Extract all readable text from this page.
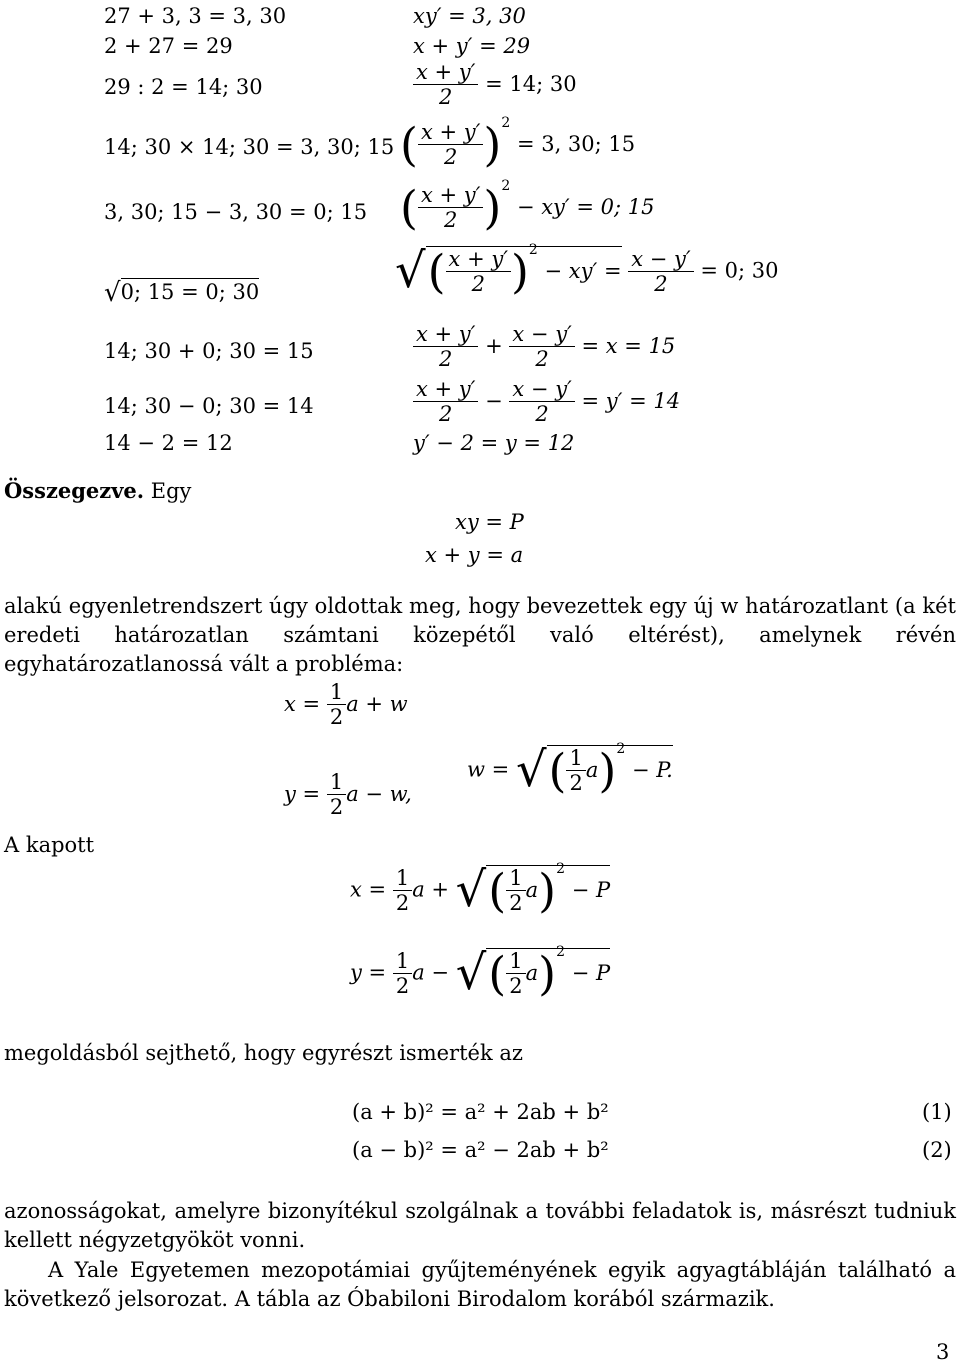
27 + 3, 3 = 3, 30
2 + 27 = 29
29 : 2 = 14; 30
14; 30 × 14; 30 = 3, 30; 15
3, 30; 15 − 3, 30 = 0; 15
√0; 15 = 0; 30
14; 30 + 0; 30 = 15
14; 30 − 0; 30 = 14
14 − 2 = 12
xy′ = 3, 30
x + y′ = 29
$\frac{x + y'}{2} = 14$; 30
( $\frac{x + y'}{2} )^2 = 3$, 30; 15
( $\frac{x + y'}{2} )^2 - xy' = 0$; 15
√( $\frac{x + y'}{2} )^2 - xy' = \frac{x - y'}{2} = 0$; 30
$\frac{x + y'}{2} + \frac{x - y'}{2} = x = 15$
$\frac{x + y'}{2} - \frac{x - y'}{2} = y' = 14$
y′ − 2 = y = 12
Összegezve. Egy
xy = P
x + y = a
alakú egyenletrendszert úgy oldottak meg, hogy bevezettek egy új w határozatlant (a két eredeti határozatlan számtani közepétől való eltérést), amelynek révén egyhatározatlanossá vált a probléma:
$x = \frac{1}{2}$ a + w
$y = \frac{1}{2}$ a − w,
w = √( $\frac{1}{2} a)^2 - P$.
A kapott
$x = \frac{1}{2}$ a + √( $\frac{1}{2} a)^2 - P$
$y = \frac{1}{2}$ a − √( $\frac{1}{2} a)^2 - P$
megoldásból sejthető, hogy egyrészt ismerték az
(a + b)² = a² + 2ab + b²	(1)
(a − b)² = a² − 2ab + b²	(2)
azonosságokat, amelyre bizonyítékul szolgálnak a további feladatok is, másrészt tudniuk kellett négyzetgyököt vonni.
A Yale Egyetemen mezopotámiai gyűjteményének egyik agyagtábláján található a következő jelsorozat. A tábla az Óbabiloni Birodalom korából származik.
3
